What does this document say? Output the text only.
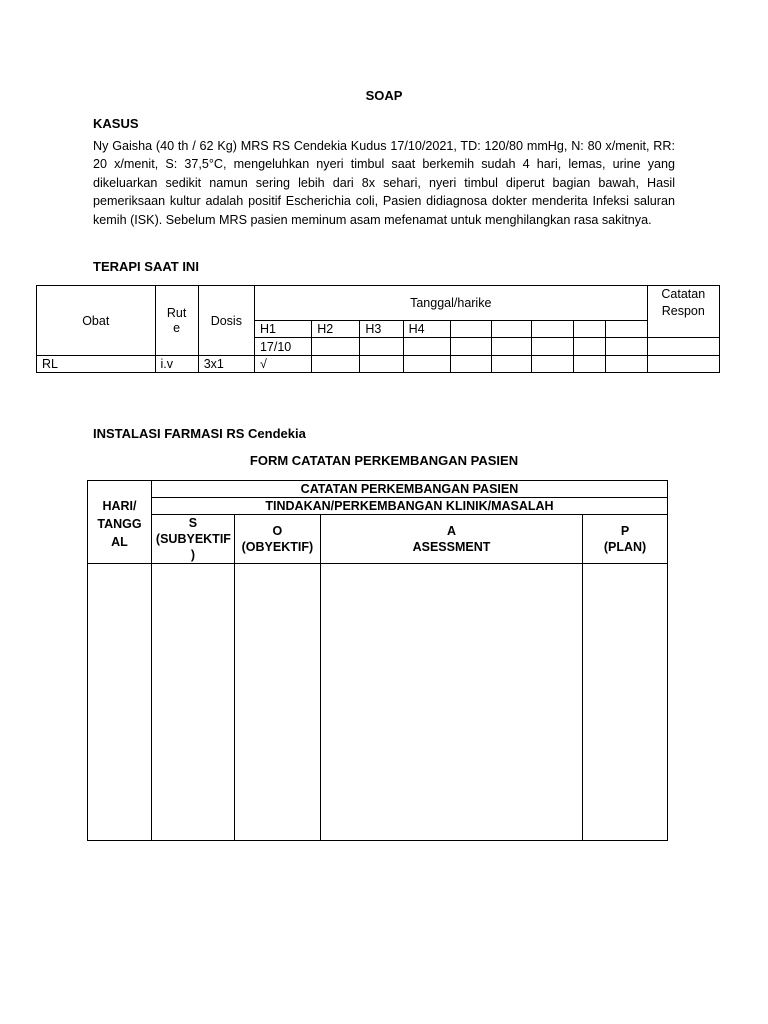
SOAP
KASUS
Ny Gaisha (40 th / 62 Kg) MRS RS Cendekia Kudus 17/10/2021, TD: 120/80 mmHg, N: 80 x/menit, RR: 20 x/menit, S: 37,5°C, mengeluhkan nyeri timbul saat berkemih sudah 4 hari, lemas, urine yang dikeluarkan sedikit namun sering lebih dari 8x sehari, nyeri timbul diperut bagian bawah, Hasil pemeriksaan kultur adalah positif Escherichia coli, Pasien didiagnosa dokter menderita Infeksi saluran kemih (ISK). Sebelum MRS pasien meminum asam mefenamat untuk menghilangkan rasa sakitnya.
TERAPI SAAT INI
Obat	Rut e	Dosis	Tanggal/harike									Catatan Respon
			H1	H2	H3	H4						
			17/10									
RL	i.v	3x1	√									
INSTALASI FARMASI RS Cendekia
FORM CATATAN PERKEMBANGAN PASIEN
HARI/ TANGG AL	CATATAN PERKEMBANGAN PASIEN			
	TINDAKAN/PERKEMBANGAN KLINIK/MASALAH			
	S (SUBYEKTIF )	O (OBYEKTIF)	A ASESSMENT	P (PLAN)
